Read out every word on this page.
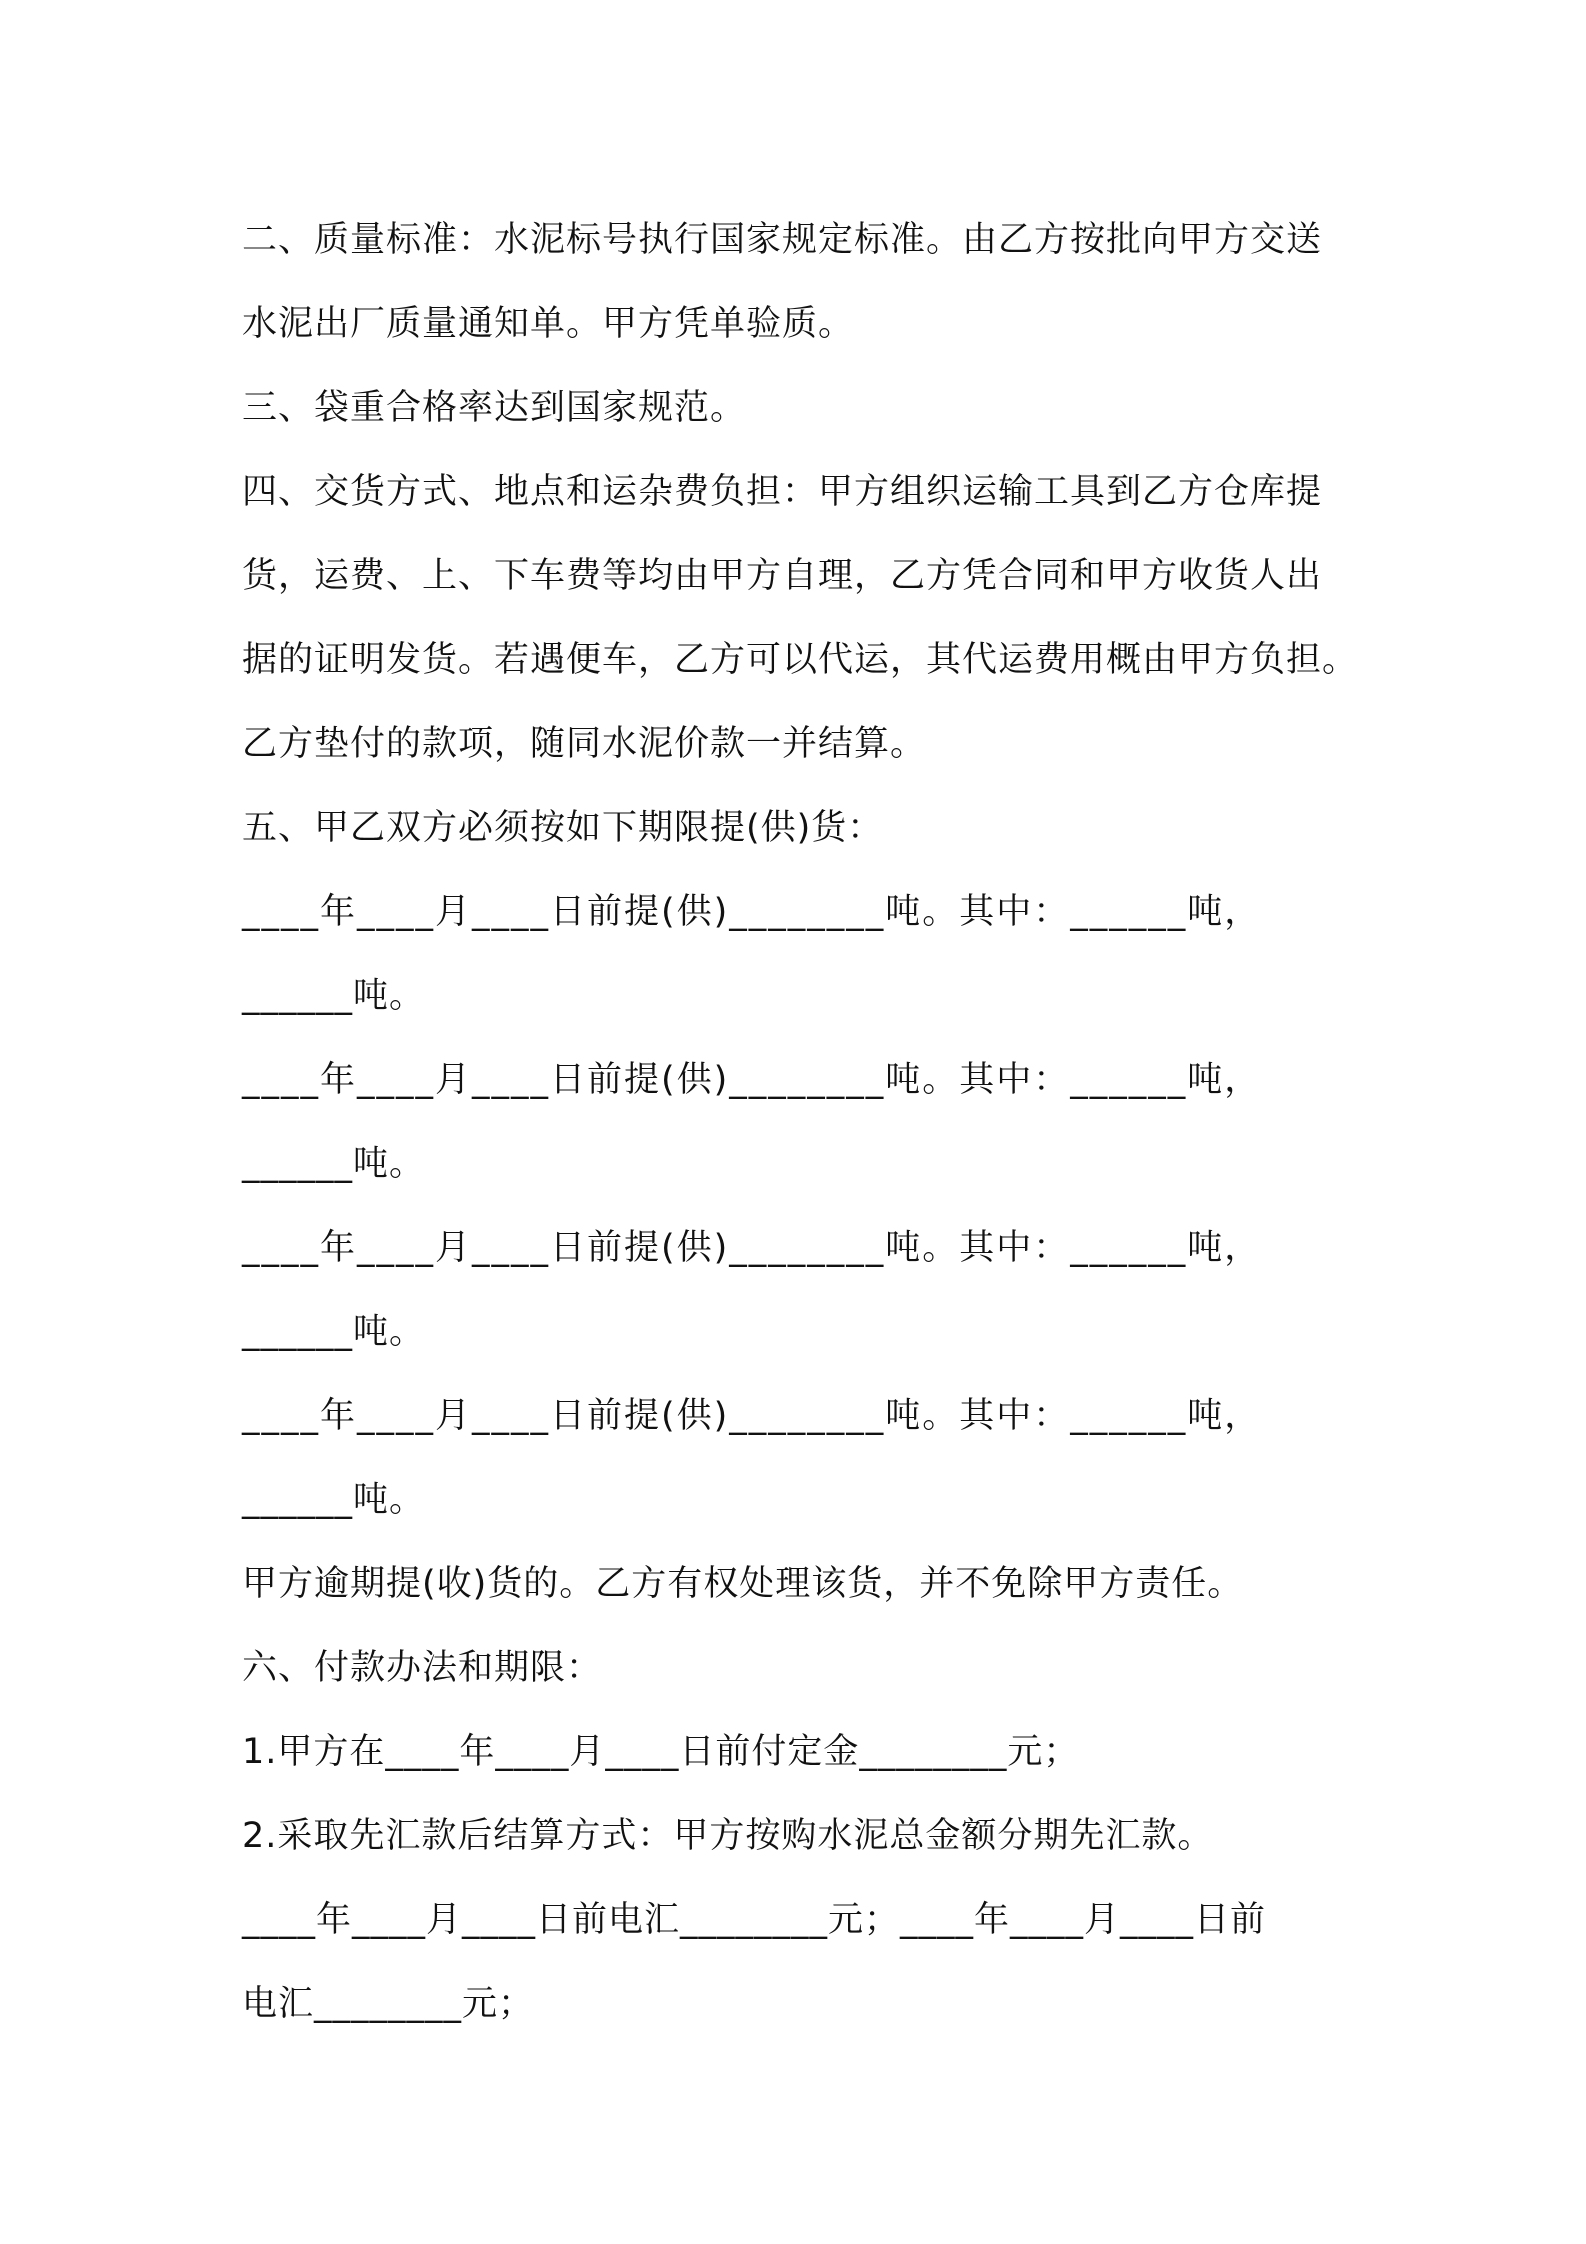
二、质量标准：水泥标号执行国家规定标准。由乙方按批向甲方交送
水泥出厂质量通知单。甲方凭单验质。
三、袋重合格率达到国家规范。
四、交货方式、地点和运杂费负担：甲方组织运输工具到乙方仓库提
货，运费、上、下车费等均由甲方自理，乙方凭合同和甲方收货人出
据的证明发货。若遇便车，乙方可以代运，其代运费用概由甲方负担。
乙方垫付的款项，随同水泥价款一并结算。
五、甲乙双方必须按如下期限提(供)货：
____年____月____日前提(供)________吨。其中：______吨，
______吨。
____年____月____日前提(供)________吨。其中：______吨，
______吨。
____年____月____日前提(供)________吨。其中：______吨，
______吨。
____年____月____日前提(供)________吨。其中：______吨，
______吨。
甲方逾期提(收)货的。乙方有权处理该货，并不免除甲方责任。
六、付款办法和期限：
1.甲方在____年____月____日前付定金________元；
2.采取先汇款后结算方式：甲方按购水泥总金额分期先汇款。
____年____月____日前电汇________元；____年____月____日前
电汇________元；
